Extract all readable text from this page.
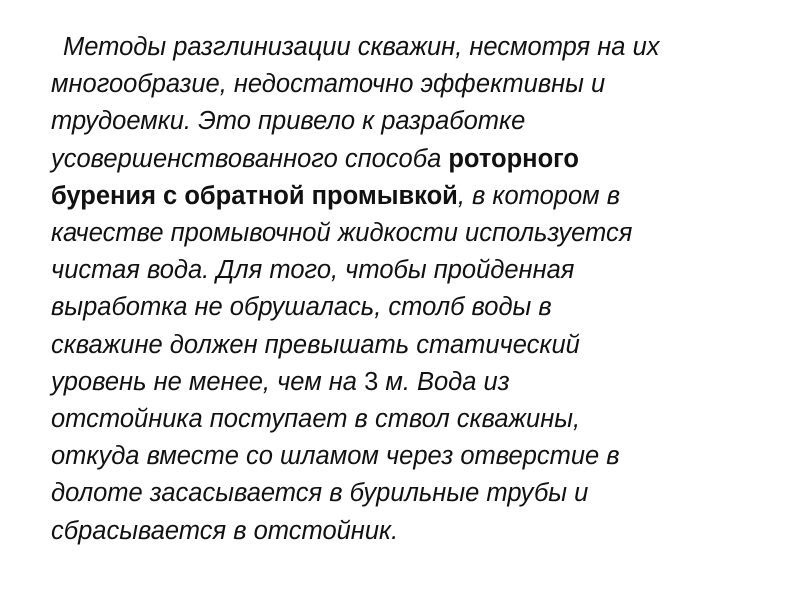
Методы разглинизации скважин, несмотря на их
многообразие, недостаточно эффективны и
трудоемки. Это привело к разработке
усовершенствованного способа роторного
бурения с обратной промывкой, в котором в
качестве промывочной жидкости используется
чистая вода. Для того, чтобы пройденная
выработка не обрушалась, столб воды в
скважине должен превышать статический
уровень не менее, чем на 3 м. Вода из
отстойника поступает в ствол скважины,
откуда вместе со шламом через отверстие в
долоте засасывается в бурильные трубы и
сбрасывается в отстойник.
